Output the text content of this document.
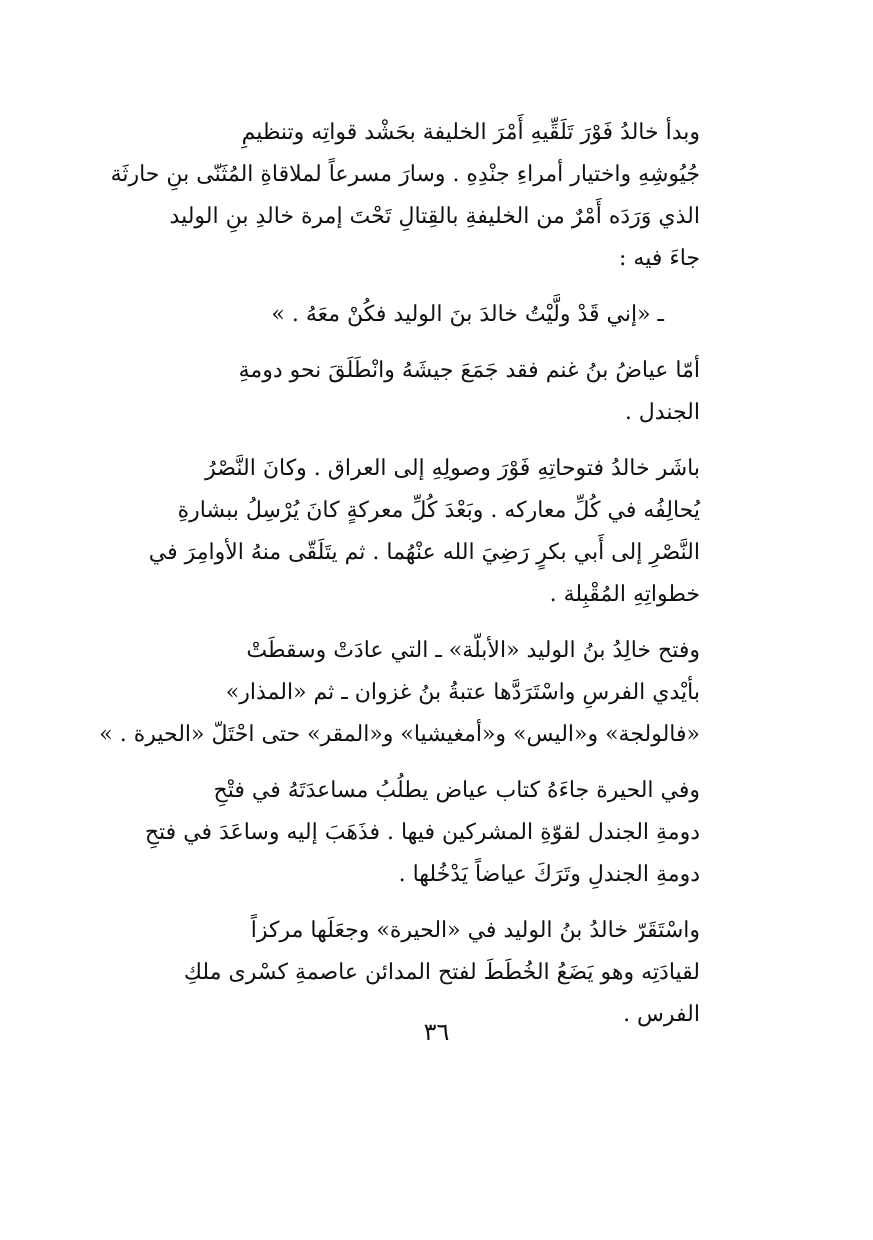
وبدأ خالدُ فَوْرَ تَلَقِّيهِ أَمْرَ الخليفة بحَشْد قواتِه وتنظيمِ
جُيُوشِهِ واختيار أمراءِ جنْدِهِ . وسارَ مسرعاً لملاقاةِ المُثَنّى بنِ حارثَة
الذي وَرَدَه أَمْرٌ من الخليفةِ بالقِتالِ تَحْتَ إمرة خالدِ بنِ الوليد
جاءَ فيه :

ـ «إني قَدْ ولَّيْتُ خالدَ بنَ الوليد فكُنْ معَهُ . »

أمّا عياضُ بنُ غنم فقد جَمَعَ جيشَهُ وانْطَلَقَ نحو دومةِ
الجندل .

باشَر خالدُ فتوحاتِهِ فَوْرَ وصولِهِ إلى العراق . وكانَ النَّصْرُ
يُحالِفُه في كُلِّ معاركه . وبَعْدَ كُلِّ معركةٍ كانَ يُرْسِلُ ببشارةِ
النَّصْرِ إلى أَبي بكرٍ رَضِيَ الله عنْهُما . ثم يتَلَقّى منهُ الأوامِرَ في
خطواتِهِ المُقْبِلة .

وفتح خالِدُ بنُ الوليد «الأبلّة» ـ التي عادَتْ وسقطَتْ
بأيْدي الفرسِ واسْتَرَدَّها عتبةُ بنُ غزوان ـ ثم «المذار»
«فالولجة» و«اليس» و«أمغيشيا» و«المقر» حتى احْتَلّ «الحيرة . »

وفي الحيرة جاءَهُ كتاب عياض يطلُبُ مساعدَتَهُ في فتْحِ
دومةِ الجندل لقوّةِ المشركين فيها . فذَهَبَ إليه وساعَدَ في فتحِ
دومةِ الجندلِ وتَرَكَ عياضاً يَدْخُلها .

واسْتَقَرّ خالدُ بنُ الوليد في «الحيرة» وجعَلَها مركزاً
لقيادَتِه وهو يَضَعُ الخُطَطَ لفتح المدائن عاصمةِ كسْرى ملكِ
الفرس .

٣٦
